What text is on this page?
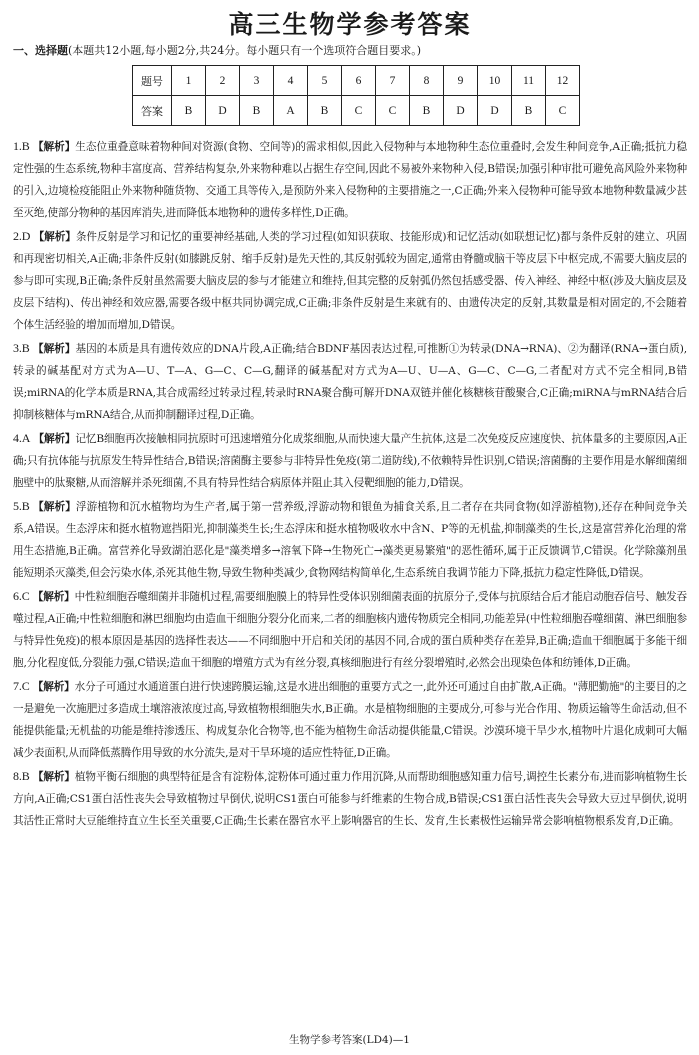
高三生物学参考答案
一、选择题(本题共12小题,每小题2分,共24分。每小题只有一个选项符合题目要求。)
题号	1	2	3	4	5	6	7	8	9	10	11	12
答案	B	D	B	A	B	C	C	B	D	D	B	C

1.B 【解析】生态位重叠意味着物种间对资源(食物、空间等)的需求相似,因此入侵物种与本地物种生态位重叠时,会发生种间竞争,A正确;抵抗力稳定性强的生态系统,物种丰富度高、营养结构复杂,外来物种难以占据生存空间,因此不易被外来物种入侵,B错误;加强引种审批可避免高风险外来物种的引入,边境检疫能阻止外来物种随货物、交通工具等传入,是预防外来入侵物种的主要措施之一,C正确;外来入侵物种可能导致本地物种数量减少甚至灭绝,使部分物种的基因库消失,进而降低本地物种的遗传多样性,D正确。

2.D 【解析】条件反射是学习和记忆的重要神经基础,人类的学习过程(如知识获取、技能形成)和记忆活动(如联想记忆)都与条件反射的建立、巩固和再现密切相关,A正确;非条件反射(如膝跳反射、缩手反射)是先天性的,其反射弧较为固定,通常由脊髓或脑干等皮层下中枢完成,不需要大脑皮层的参与即可实现,B正确;条件反射虽然需要大脑皮层的参与才能建立和维持,但其完整的反射弧仍然包括感受器、传入神经、神经中枢(涉及大脑皮层及皮层下结构)、传出神经和效应器,需要各级中枢共同协调完成,C正确;非条件反射是生来就有的、由遗传决定的反射,其数量是相对固定的,不会随着个体生活经验的增加而增加,D错误。

3.B 【解析】基因的本质是具有遗传效应的DNA片段,A正确;结合BDNF基因表达过程,可推断①为转录(DNA→RNA)、②为翻译(RNA→蛋白质),转录的碱基配对方式为A—U、T—A、G—C、C—G,翻译的碱基配对方式为A—U、U—A、G—C、C—G,二者配对方式不完全相同,B错误;miRNA的化学本质是RNA,其合成需经过转录过程,转录时RNA聚合酶可解开DNA双链并催化核糖核苷酸聚合,C正确;miRNA与mRNA结合后抑制核糖体与mRNA结合,从而抑制翻译过程,D正确。

4.A 【解析】记忆B细胞再次接触相同抗原时可迅速增殖分化成浆细胞,从而快速大量产生抗体,这是二次免疫反应速度快、抗体量多的主要原因,A正确;只有抗体能与抗原发生特异性结合,B错误;溶菌酶主要参与非特异性免疫(第二道防线),不依赖特异性识别,C错误;溶菌酶的主要作用是水解细菌细胞壁中的肽聚糖,从而溶解并杀死细菌,不具有特异性结合病原体并阻止其入侵靶细胞的能力,D错误。

5.B 【解析】浮游植物和沉水植物均为生产者,属于第一营养级,浮游动物和银鱼为捕食关系,且二者存在共同食物(如浮游植物),还存在种间竞争关系,A错误。生态浮床和挺水植物遮挡阳光,抑制藻类生长;生态浮床和挺水植物吸收水中含N、P等的无机盐,抑制藻类的生长,这是富营养化治理的常用生态措施,B正确。富营养化导致湖泊恶化是"藻类增多→溶氧下降→生物死亡→藻类更易繁殖"的恶性循环,属于正反馈调节,C错误。化学除藻剂虽能短期杀灭藻类,但会污染水体,杀死其他生物,导致生物种类减少,食物网结构简单化,生态系统自我调节能力下降,抵抗力稳定性降低,D错误。

6.C 【解析】中性粒细胞吞噬细菌并非随机过程,需要细胞膜上的特异性受体识别细菌表面的抗原分子,受体与抗原结合后才能启动胞吞信号、触发吞噬过程,A正确;中性粒细胞和淋巴细胞均由造血干细胞分裂分化而来,二者的细胞核内遗传物质完全相同,功能差异(中性粒细胞吞噬细菌、淋巴细胞参与特异性免疫)的根本原因是基因的选择性表达——不同细胞中开启和关闭的基因不同,合成的蛋白质种类存在差异,B正确;造血干细胞属于多能干细胞,分化程度低,分裂能力强,C错误;造血干细胞的增殖方式为有丝分裂,真核细胞进行有丝分裂增殖时,必然会出现染色体和纺锤体,D正确。

7.C 【解析】水分子可通过水通道蛋白进行快速跨膜运输,这是水进出细胞的重要方式之一,此外还可通过自由扩散,A正确。"薄肥勤施"的主要目的之一是避免一次施肥过多造成土壤溶液浓度过高,导致植物根细胞失水,B正确。水是植物细胞的主要成分,可参与光合作用、物质运输等生命活动,但不能提供能量;无机盐的功能是维持渗透压、构成复杂化合物等,也不能为植物生命活动提供能量,C错误。沙漠环境干旱少水,植物叶片退化成刺可大幅减少表面积,从而降低蒸腾作用导致的水分流失,是对干旱环境的适应性特征,D正确。

8.B 【解析】植物平衡石细胞的典型特征是含有淀粉体,淀粉体可通过重力作用沉降,从而帮助细胞感知重力信号,调控生长素分布,进而影响植物生长方向,A正确;CS1蛋白活性丧失会导致植物过早倒伏,说明CS1蛋白可能参与纤维素的生物合成,B错误;CS1蛋白活性丧失会导致大豆过早倒伏,说明其活性正常时大豆能维持直立生长至关重要,C正确;生长素在器官水平上影响器官的生长、发育,生长素极性运输异常会影响植物根系发育,D正确。

生物学参考答案(LD4)—1
